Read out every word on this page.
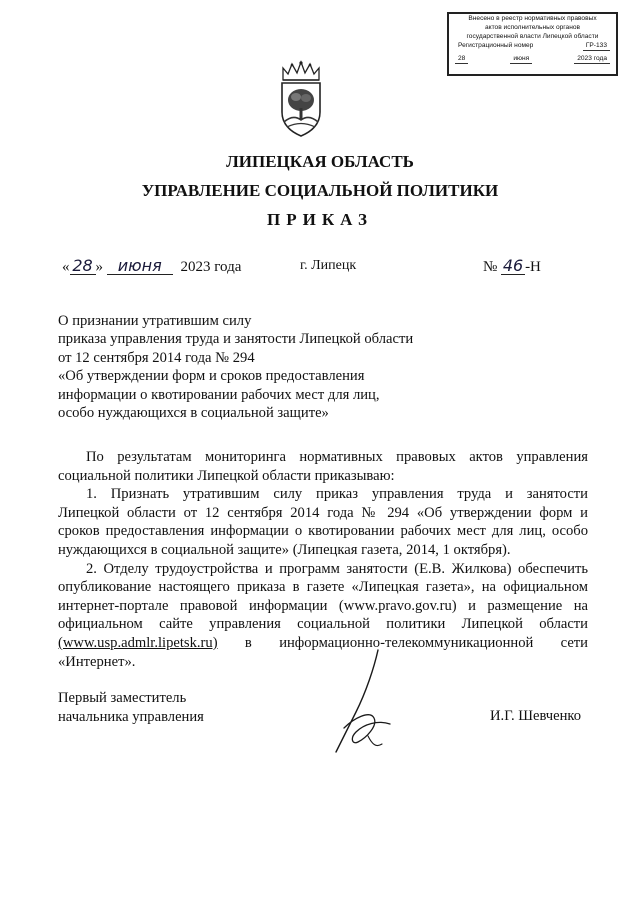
Внесено в реестр нормативных правовых
актов исполнительных органов
государственной власти Липецкой области
Регистрационный номер	ГР-133
28	июня	2023 года
ЛИПЕЦКАЯ ОБЛАСТЬ
УПРАВЛЕНИЕ СОЦИАЛЬНОЙ ПОЛИТИКИ
ПРИКАЗ
« 28 » июня 2023 года	г. Липецк	№ 46 -Н
О признании утратившим силу
приказа управления труда и занятости Липецкой области
от 12 сентября 2014 года № 294
«Об утверждении форм и сроков предоставления
информации о квотировании рабочих мест для лиц,
особо нуждающихся в социальной защите»
По результатам мониторинга нормативных правовых актов управления
социальной политики Липецкой области приказываю:
1. Признать утратившим силу приказ управления труда и занятости
Липецкой области от 12 сентября 2014 года № 294 «Об утверждении форм и
сроков предоставления информации о квотировании рабочих мест для лиц, особо
нуждающихся в социальной защите» (Липецкая газета, 2014, 1 октября).
2. Отделу трудоустройства и программ занятости (Е.В. Жилкова) обеспечить
опубликование настоящего приказа в газете «Липецкая газета», на официальном
интернет-портале правовой информации (www.pravo.gov.ru) и размещение на
официальном сайте управления социальной политики Липецкой области
(www.usp.admlr.lipetsk.ru) в информационно-телекоммуникационной сети
«Интернет».
Первый заместитель
начальника управления	И.Г. Шевченко
